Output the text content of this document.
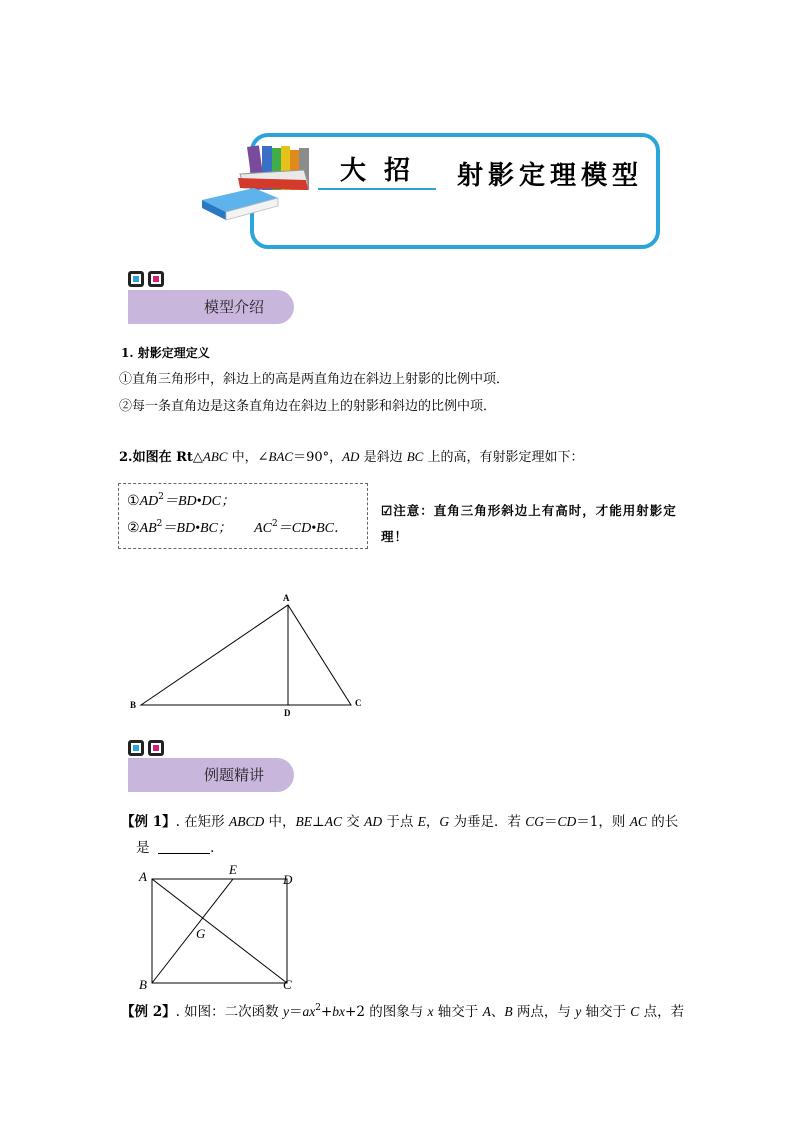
大招 射影定理模型
模型介绍
1. 射影定理定义
①直角三角形中，斜边上的高是两直角边在斜边上射影的比例中项．
②每一条直角边是这条直角边在斜边上的射影和斜边的比例中项．
2.如图在 Rt△ABC 中，∠BAC＝90°，AD 是斜边 BC 上的高，有射影定理如下：
$①AD^2=BD•DC$；
$②AB^2=BD•BC$； $AC^2=CD•BC$．
☑注意：直角三角形斜边上有高时，才能用射影定理！
A
B	C
D
例题精讲
【例 1】. 在矩形 ABCD 中，BE⊥AC 交 AD 于点 E，G 为垂足．若 CG＝CD＝1，则 AC 的长
是	．
A	E
D
G
B	C
【例 2】. 如图：二次函数 $y=ax^2+bx+2$ 的图象与 x 轴交于 A、B 两点，与 y 轴交于 C 点，若
